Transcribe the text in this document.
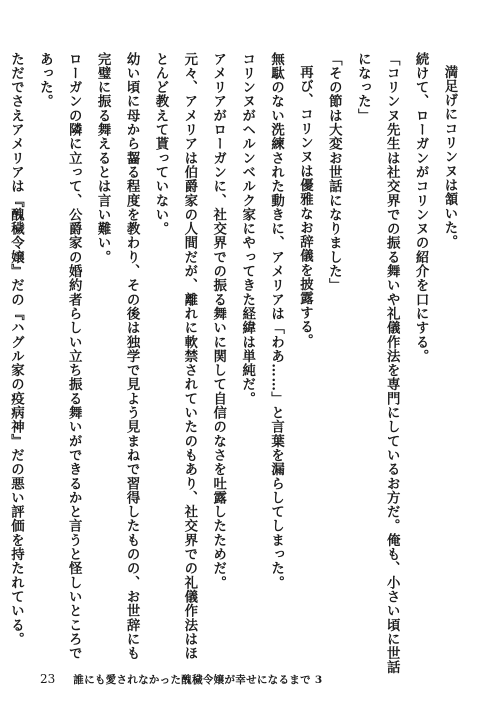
満足げにコリンヌは頷いた。
続けて、ローガンがコリンヌの紹介を口にする。
「コリンヌ先生は社交界での振る舞いや礼儀作法を専門にしているお方だ。俺も、小さい頃に世話
になった」
「その節は大変お世話になりました」
再び、コリンヌは優雅なお辞儀を披露する。
無駄のない洗練された動きに、アメリアは「わあ……」と言葉を漏らしてしまった。
コリンヌがヘルンベルク家にやってきた経緯は単純だ。
アメリアがローガンに、社交界での振る舞いに関して自信のなさを吐露したためだ。
元々、アメリアは伯爵家の人間だが、離れに軟禁されていたのもあり、社交界での礼儀作法はほ
とんど教えて貰っていない。
幼い頃に母から齧る程度を教わり、その後は独学で見よう見まねで習得したものの、お世辞にも
完璧に振る舞えるとは言い難い。
ローガンの隣に立って、公爵家の婚約者らしい立ち振る舞いができるかと言うと怪しいところで
あった。
ただでさえアメリアは『醜穢令嬢』だの『ハグル家の疫病神』だの悪い評価を持たれている。
23 誰にも愛されなかった醜穢令嬢が幸せになるまで 3
